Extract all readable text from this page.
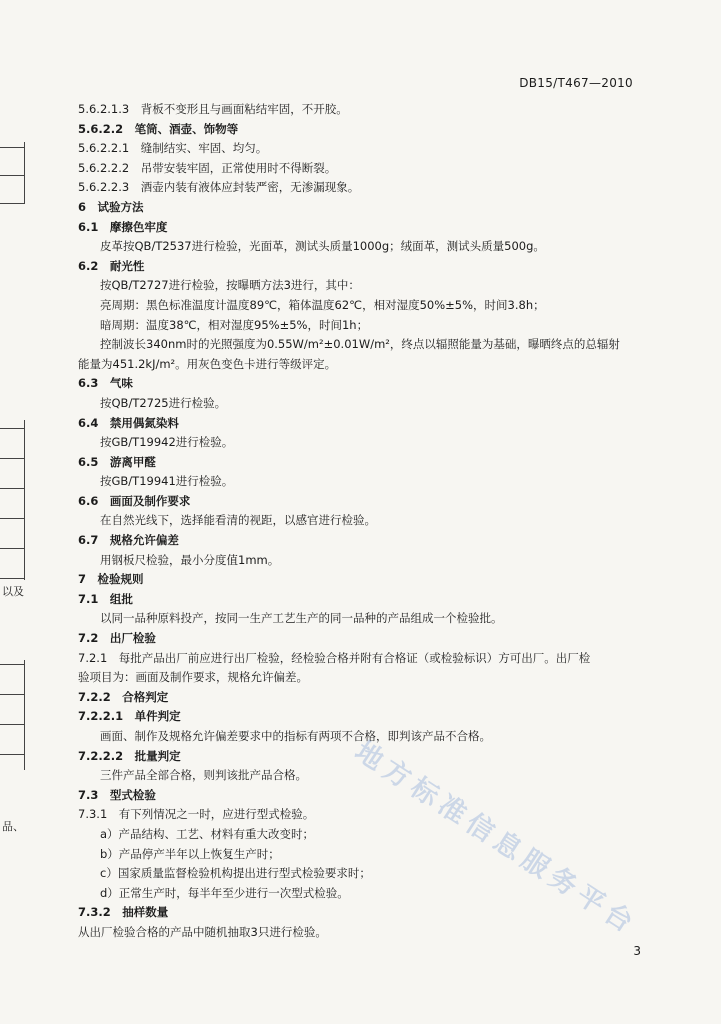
以及
品、
DB15/T467—2010
5.6.2.1.3　背板不变形且与画面粘结牢固，不开胶。
5.6.2.2　笔筒、酒壶、饰物等
5.6.2.2.1　缝制结实、牢固、均匀。
5.6.2.2.2　吊带安装牢固，正常使用时不得断裂。
5.6.2.2.3　酒壶内装有液体应封装严密，无渗漏现象。
6　试验方法
6.1　摩擦色牢度
皮革按QB/T2537进行检验，光面革，测试头质量1000g；绒面革，测试头质量500g。
6.2　耐光性
按QB/T2727进行检验，按曝晒方法3进行，其中：
亮周期：黑色标准温度计温度89℃，箱体温度62℃，相对湿度50%±5%，时间3.8h；
暗周期：温度38℃，相对湿度95%±5%，时间1h；
控制波长340nm时的光照强度为0.55W/m²±0.01W/m²，终点以辐照能量为基础，曝晒终点的总辐射
能量为451.2kJ/m²。用灰色变色卡进行等级评定。
6.3　气味
按QB/T2725进行检验。
6.4　禁用偶氮染料
按GB/T19942进行检验。
6.5　游离甲醛
按GB/T19941进行检验。
6.6　画面及制作要求
在自然光线下，选择能看清的视距，以感官进行检验。
6.7　规格允许偏差
用钢板尺检验，最小分度值1mm。
7　检验规则
7.1　组批
以同一品种原料投产，按同一生产工艺生产的同一品种的产品组成一个检验批。
7.2　出厂检验
7.2.1　每批产品出厂前应进行出厂检验，经检验合格并附有合格证（或检验标识）方可出厂。出厂检
验项目为：画面及制作要求，规格允许偏差。
7.2.2　合格判定
7.2.2.1　单件判定
画面、制作及规格允许偏差要求中的指标有两项不合格，即判该产品不合格。
7.2.2.2　批量判定
三件产品全部合格，则判该批产品合格。
7.3　型式检验
7.3.1　有下列情况之一时，应进行型式检验。
a）产品结构、工艺、材料有重大改变时；
b）产品停产半年以上恢复生产时；
c）国家质量监督检验机构提出进行型式检验要求时；
d）正常生产时，每半年至少进行一次型式检验。
7.3.2　抽样数量
从出厂检验合格的产品中随机抽取3只进行检验。 地方标准信息服务平台
3
